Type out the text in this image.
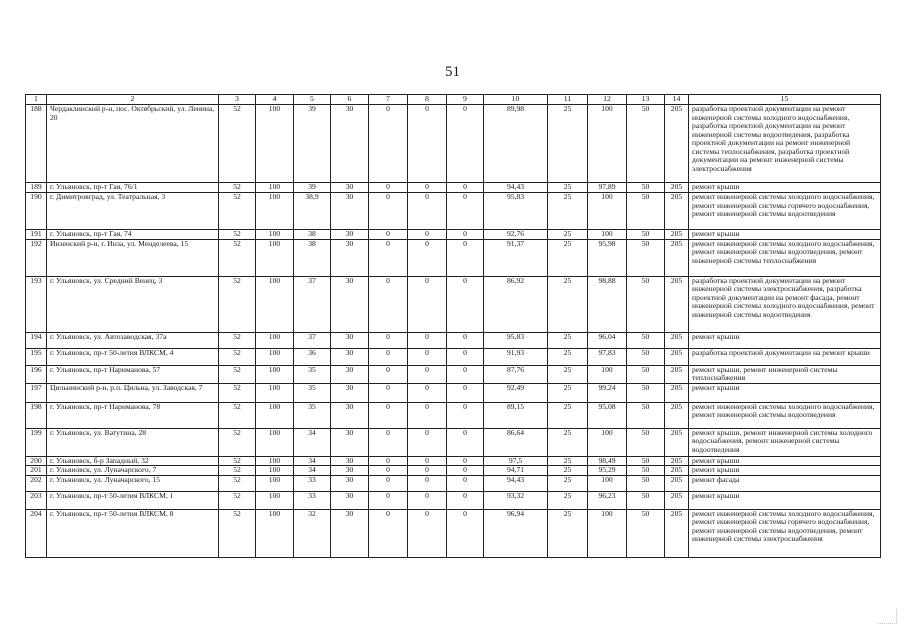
51
1	2	3	4	5	6	7	8	9	10	11	12	13	14	15
188	Чердаклинский р-н, пос. Октябрьский, ул. Ленина, 20	52	100	39	30	0	0	0	89,98	25	100	50	205	разработка проектной документации на ремонт инженерной системы холодного водоснабжения, разработка проектной документации на ремонт инженерной системы водоотведения, разработка проектной документации на ремонт инженерной системы теплоснабжения, разработка проектной документации на ремонт инженерной системы электроснабжения
189	г. Ульяновск, пр-т Гая, 76/1	52	100	39	30	0	0	0	94,43	25	97,89	50	205	ремонт крыши
190	г. Димитровград, ул. Театральная, 3	52	100	38,9	30	0	0	0	95,83	25	100	50	205	ремонт инженерной системы холодного водоснабжения, ремонт инженерной системы горячего водоснабжения, ремонт инженерной системы водоотведения
191	г. Ульяновск, пр-т Гая, 74	52	100	38	30	0	0	0	92,76	25	100	50	205	ремонт крыши
192	Инзенский р-н, г. Инза, ул. Менделеева, 15	52	100	38	30	0	0	0	91,37	25	95,98	50	205	ремонт инженерной системы холодного водоснабжения, ремонт инженерной системы водоотведения, ремонт инженерной системы теплоснабжения
193	г. Ульяновск, ул. Средний Венец, 3	52	100	37	30	0	0	0	86,92	25	98,88	50	205	разработка проектной документации на ремонт инженерной системы электроснабжения, разработка проектной документации на ремонт фасада, ремонт инженерной системы холодного водоснабжения, ремонт инженерной системы водоотведения
194	г. Ульяновск, ул. Автозаводская, 37а	52	100	37	30	0	0	0	95,83	25	96,04	50	205	ремонт крыши
195	г. Ульяновск, пр-т 50-летия ВЛКСМ, 4	52	100	36	30	0	0	0	91,93	25	97,83	50	205	разработка проектной документации на ремонт крыши
196	г. Ульяновск, пр-т Нариманова, 57	52	100	35	30	0	0	0	87,76	25	100	50	205	ремонт крыши, ремонт инженерной системы теплоснабжения
197	Цильнинский р-н, р.п. Цильна, ул. Заводская, 7	52	100	35	30	0	0	0	92,49	25	99,24	50	205	ремонт крыши
198	г. Ульяновск, пр-т Нариманова, 78	52	100	35	30	0	0	0	89,15	25	95,08	50	205	ремонт инженерной системы холодного водоснабжения, ремонт инженерной системы водоотведения
199	г. Ульяновск, ул. Ватутина, 28	52	100	34	30	0	0	0	86,64	25	100	50	205	ремонт крыши, ремонт инженерной системы холодного водоснабжения, ремонт инженерной системы водоотведения
200	г. Ульяновск, б-р Западный, 32	52	100	34	30	0	0	0	97,5	25	98,49	50	205	ремонт крыши
201	г. Ульяновск, ул. Луначарского, 7	52	100	34	30	0	0	0	94,71	25	95,29	50	205	ремонт крыши
202	г. Ульяновск, ул. Луначарского, 15	52	100	33	30	0	0	0	94,43	25	100	50	205	ремонт фасада
203	г. Ульяновск, пр-т 50-летия ВЛКСМ, 1	52	100	33	30	0	0	0	93,32	25	96,23	50	205	ремонт крыши
204	г. Ульяновск, пр-т 50-летия ВЛКСМ, 8	52	100	32	30	0	0	0	96,94	25	100	50	205	ремонт инженерной системы холодного водоснабжения, ремонт инженерной системы горячего водоснабжения, ремонт инженерной системы водоотведения, ремонт инженерной системы электроснабжения
